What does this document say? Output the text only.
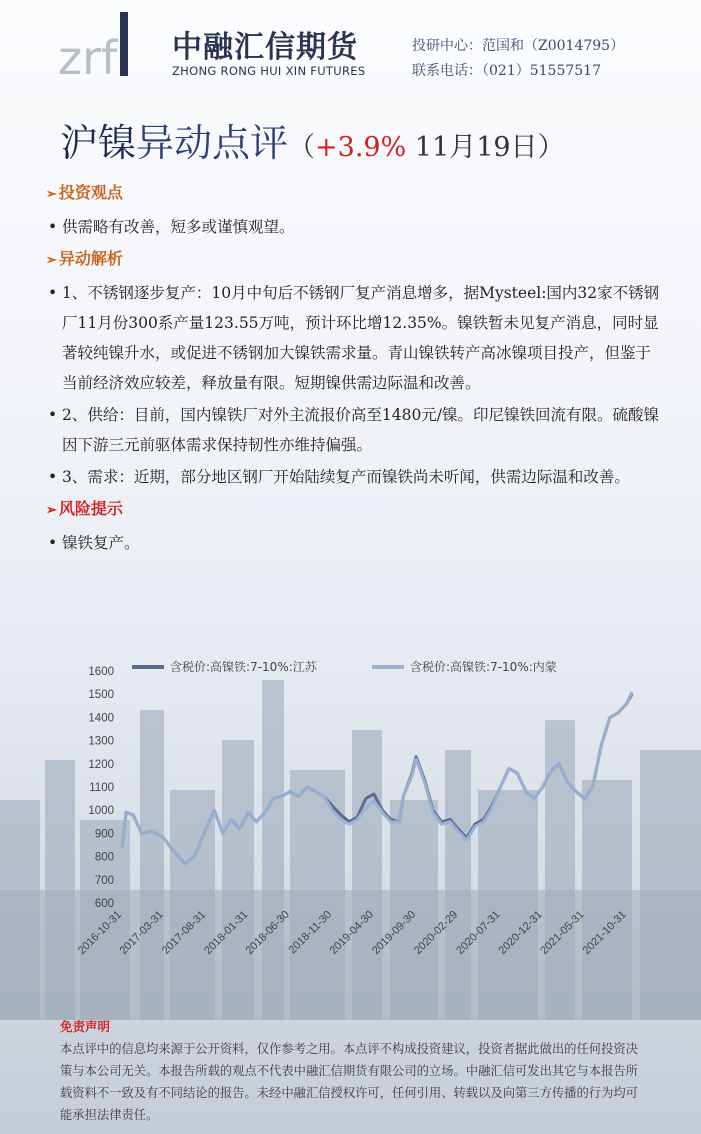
zrf 中融汇信期货
ZHONG RONG HUI XIN FUTURES
投研中心：范国和（Z0014795）
联系电话：（021）51557517
沪镍异动点评（+3.9% 11月19日）
➢ 投资观点
• 供需略有改善，短多或谨慎观望。
➢ 异动解析
• 1、不锈钢逐步复产：10月中旬后不锈钢厂复产消息增多，据Mysteel:国内32家不锈钢厂11月份300系产量123.55万吨，预计环比增12.35%。镍铁暂未见复产消息，同时显著较纯镍升水，或促进不锈钢加大镍铁需求量。青山镍铁转产高冰镍项目投产，但鉴于当前经济效应较差，释放量有限。短期镍供需边际温和改善。
• 2、供给：目前，国内镍铁厂对外主流报价高至1480元/镍。印尼镍铁回流有限。硫酸镍因下游三元前驱体需求保持韧性亦维持偏强。
• 3、需求：近期，部分地区钢厂开始陆续复产而镍铁尚未听闻，供需边际温和改善。
➢ 风险提示
• 镍铁复产。
600
700
800
900
1000
1100
1200
1300
1400
1500
1600
2016-10-31
2017-03-31
2017-08-31
2018-01-31
2018-06-30
2018-11-30
2019-04-30
2019-09-30
2020-02-29
2020-07-31
2020-12-31
2021-05-31
2021-10-31
含税价:高镍铁:7-10%:江苏	含税价:高镍铁:7-10%:内蒙
免责声明
本点评中的信息均来源于公开资料，仅作参考之用。本点评不构成投资建议，投资者据此做出的任何投资决策与本公司无关。本报告所载的观点不代表中融汇信期货有限公司的立场。中融汇信可发出其它与本报告所载资料不一致及有不同结论的报告。未经中融汇信授权许可，任何引用、转载以及向第三方传播的行为均可能承担法律责任。
